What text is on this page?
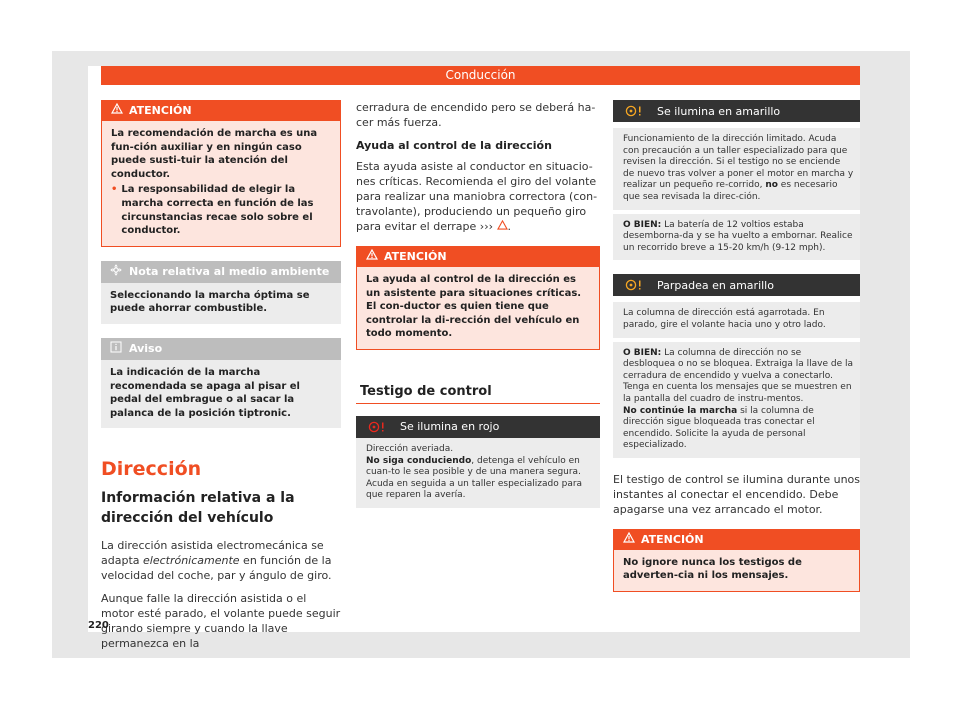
Conducción
ATENCIÓN
La recomendación de marcha es una fun-ción auxiliar y en ningún caso puede susti-tuir la atención del conductor.
• La responsabilidad de elegir la marcha correcta en función de las circunstancias recae solo sobre el conductor.
Nota relativa al medio ambiente
Seleccionando la marcha óptima se puede ahorrar combustible.
Aviso
La indicación de la marcha recomendada se apaga al pisar el pedal del embrague o al sacar la palanca de la posición tiptronic.
Dirección
Información relativa a la dirección del vehículo

La dirección asistida electromecánica se adapta electrónicamente en función de la velocidad del coche, par y ángulo de giro.

Aunque falle la dirección asistida o el motor esté parado, el volante puede seguir girando siempre y cuando la llave permanezca en la

cerradura de encendido pero se deberá ha-cer más fuerza.

Ayuda al control de la dirección

Esta ayuda asiste al conductor en situacio-nes críticas. Recomienda el giro del volante para realizar una maniobra correctora (con-travolante), produciendo un pequeño giro para evitar el derrape ››› .

ATENCIÓN
La ayuda al control de la dirección es un asistente para situaciones críticas. El con-ductor es quien tiene que controlar la di-rección del vehículo en todo momento.
Testigo de control
Se ilumina en rojo
Dirección averiada.
No siga conduciendo, detenga el vehículo en cuan-to le sea posible y de una manera segura.
Acuda en seguida a un taller especializado para que reparen la avería.
Se ilumina en amarillo
Funcionamiento de la dirección limitado. Acuda con precaución a un taller especializado para que revisen la dirección. Si el testigo no se enciende de nuevo tras volver a poner el motor en marcha y realizar un pequeño re-corrido, no es necesario que sea revisada la direc-ción.
O BIEN: La batería de 12 voltios estaba desemborna-da y se ha vuelto a embornar. Realice un recorrido breve a 15-20 km/h (9-12 mph).
Parpadea en amarillo
La columna de dirección está agarrotada. En parado, gire el volante hacia uno y otro lado.
O BIEN: La columna de dirección no se desbloquea o no se bloquea. Extraiga la llave de la cerradura de encendido y vuelva a conectarlo. Tenga en cuenta los mensajes que se muestren en la pantalla del cuadro de instru-mentos.
No continúe la marcha si la columna de dirección sigue bloqueada tras conectar el encendido. Solicite la ayuda de personal especializado.

El testigo de control se ilumina durante unos instantes al conectar el encendido. Debe apagarse una vez arrancado el motor.

ATENCIÓN
No ignore nunca los testigos de adverten-cia ni los mensajes.
220
